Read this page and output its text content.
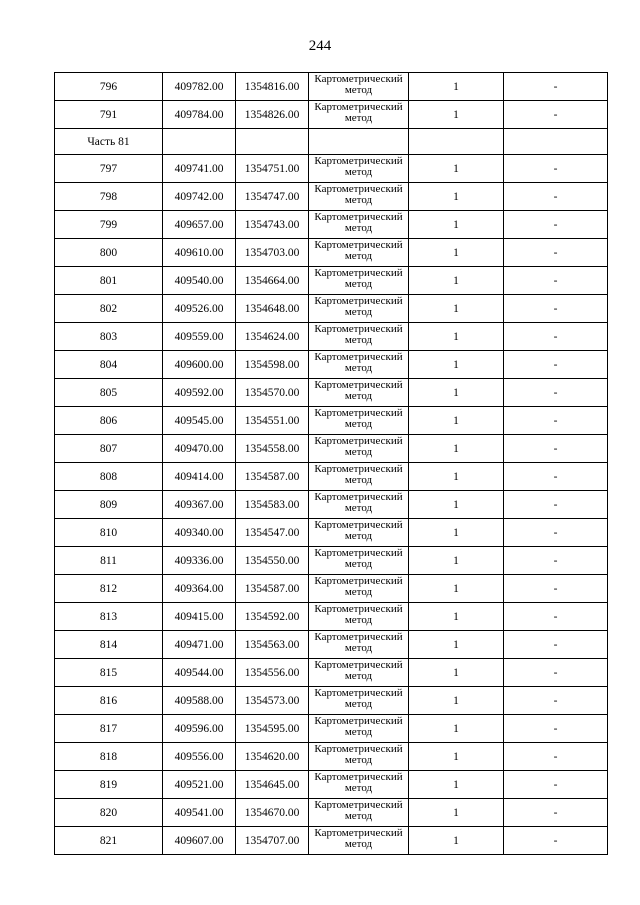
244
796	409782.00	1354816.00	Картометрический
метод	1	-
791	409784.00	1354826.00	Картометрический
метод	1	-
Часть 81					
797	409741.00	1354751.00	Картометрический
метод	1	-
798	409742.00	1354747.00	Картометрический
метод	1	-
799	409657.00	1354743.00	Картометрический
метод	1	-
800	409610.00	1354703.00	Картометрический
метод	1	-
801	409540.00	1354664.00	Картометрический
метод	1	-
802	409526.00	1354648.00	Картометрический
метод	1	-
803	409559.00	1354624.00	Картометрический
метод	1	-
804	409600.00	1354598.00	Картометрический
метод	1	-
805	409592.00	1354570.00	Картометрический
метод	1	-
806	409545.00	1354551.00	Картометрический
метод	1	-
807	409470.00	1354558.00	Картометрический
метод	1	-
808	409414.00	1354587.00	Картометрический
метод	1	-
809	409367.00	1354583.00	Картометрический
метод	1	-
810	409340.00	1354547.00	Картометрический
метод	1	-
811	409336.00	1354550.00	Картометрический
метод	1	-
812	409364.00	1354587.00	Картометрический
метод	1	-
813	409415.00	1354592.00	Картометрический
метод	1	-
814	409471.00	1354563.00	Картометрический
метод	1	-
815	409544.00	1354556.00	Картометрический
метод	1	-
816	409588.00	1354573.00	Картометрический
метод	1	-
817	409596.00	1354595.00	Картометрический
метод	1	-
818	409556.00	1354620.00	Картометрический
метод	1	-
819	409521.00	1354645.00	Картометрический
метод	1	-
820	409541.00	1354670.00	Картометрический
метод	1	-
821	409607.00	1354707.00	Картометрический
метод	1	-
